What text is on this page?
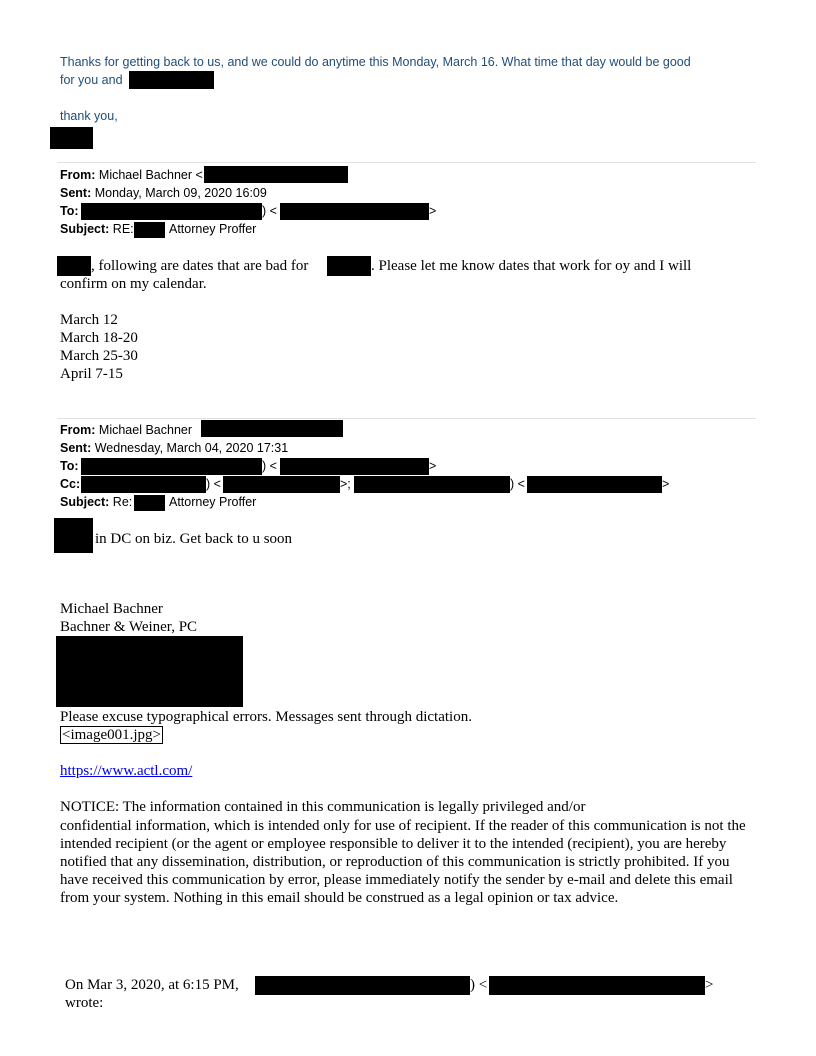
Thanks for getting back to us, and we could do anytime this Monday, March 16. What time that day would be good
for you and
thank you,
From: Michael Bachner <
Sent: Monday, March 09, 2020 16:09
To:	) <	>
Subject: RE:	Attorney Proffer
, following are dates that are bad for	. Please let me know dates that work for oy and I will
confirm on my calendar.
March 12
March 18-20
March 25-30
April 7-15
From: Michael Bachner
Sent: Wednesday, March 04, 2020 17:31
To:	) <	>
Cc:	) <	>;	) <	>
Subject: Re:	Attorney Proffer
in DC on biz. Get back to u soon
Michael Bachner
Bachner & Weiner, PC
Please excuse typographical errors. Messages sent through dictation.
<image001.jpg>
https://www.actl.com/
NOTICE: The information contained in this communication is legally privileged and/or
confidential information, which is intended only for use of recipient. If the reader of this communication is not the intended recipient (or the agent or employee responsible to deliver it to the intended (recipient), you are hereby notified that any dissemination, distribution, or reproduction of this communication is strictly prohibited. If you have received this communication by error, please immediately notify the sender by e-mail and delete this email from your system. Nothing in this email should be construed as a legal opinion or tax advice.
On Mar 3, 2020, at 6:15 PM,	) <	>
wrote:
